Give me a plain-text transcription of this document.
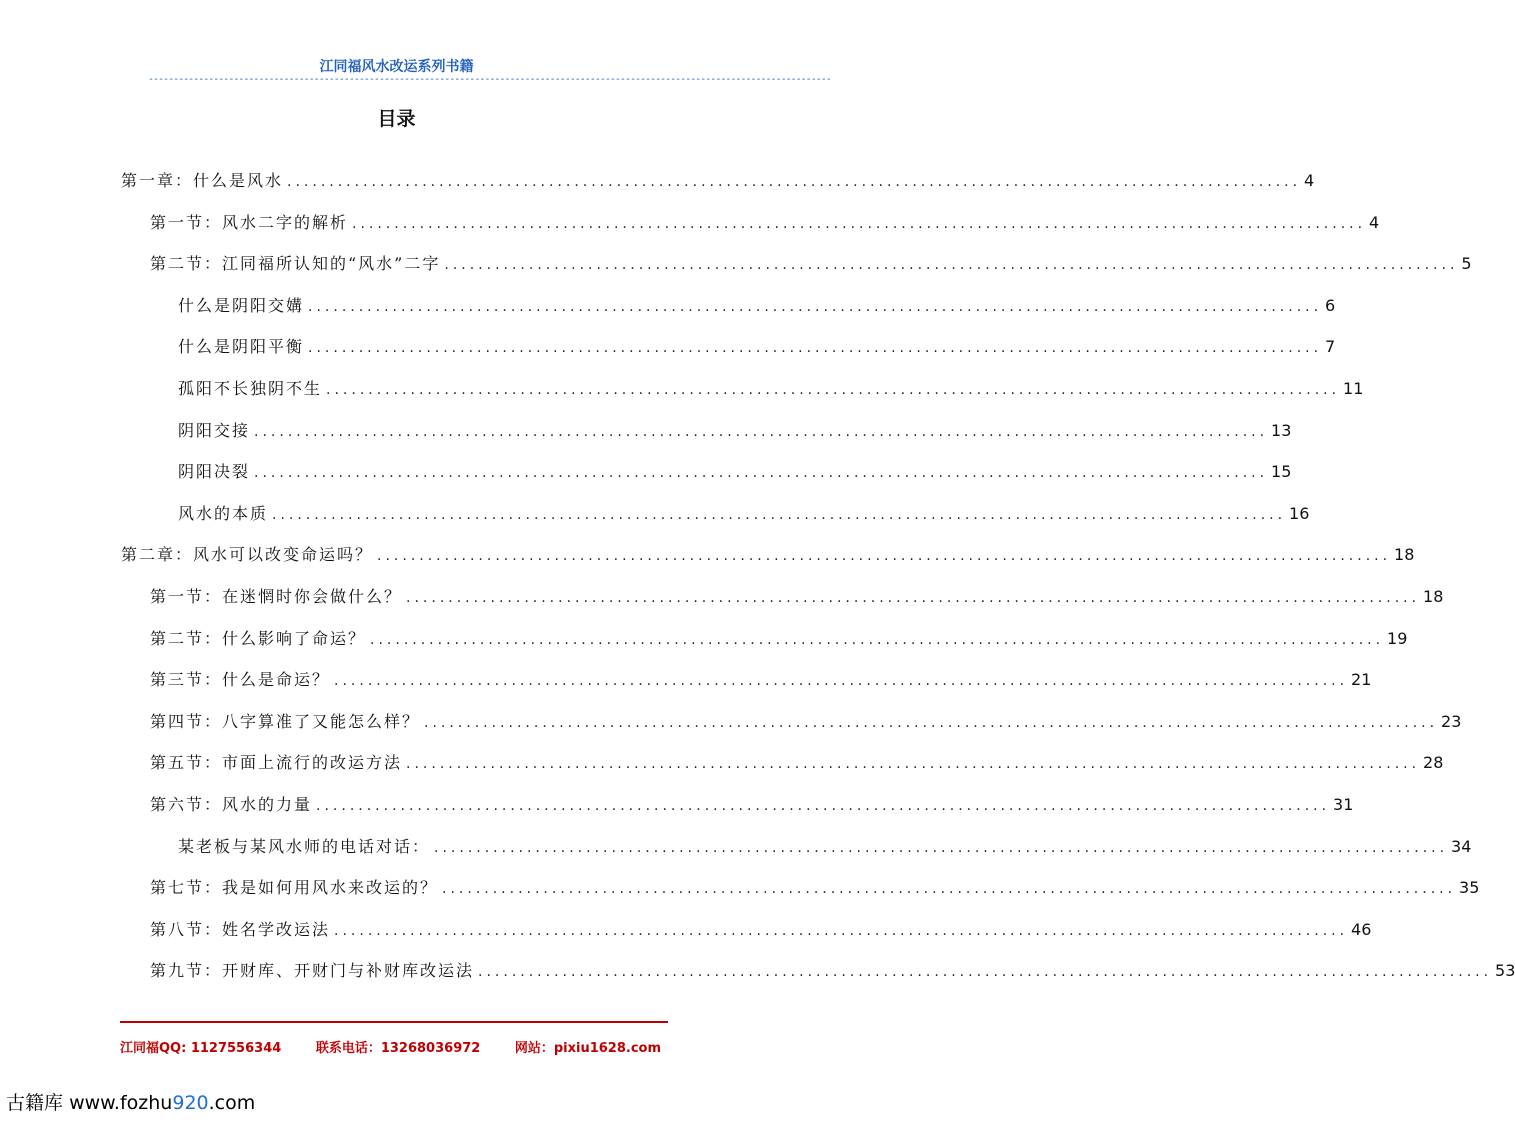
江同福风水改运系列书籍
----------------------------------------------------------------------------------------------------------------------------------------
目录
第一章：什么是风水 ........................................................................................................................ 4
第一节：风水二字的解析 ........................................................................................................................ 4
第二节：江同福所认知的“风水”二字 ........................................................................................................................ 5
什么是阴阳交媾 ........................................................................................................................ 6
什么是阴阳平衡 ........................................................................................................................ 7
孤阳不长独阴不生 ........................................................................................................................ 11
阴阳交接 ........................................................................................................................ 13
阴阳决裂 ........................................................................................................................ 15
风水的本质 ........................................................................................................................ 16
第二章：风水可以改变命运吗？ ........................................................................................................................ 18
第一节：在迷惘时你会做什么？ ........................................................................................................................ 18
第二节：什么影响了命运？ ........................................................................................................................ 19
第三节：什么是命运？ ........................................................................................................................ 21
第四节：八字算准了又能怎么样？ ........................................................................................................................ 23
第五节：市面上流行的改运方法 ........................................................................................................................ 28
第六节：风水的力量 ........................................................................................................................ 31
某老板与某风水师的电话对话： ........................................................................................................................ 34
第七节：我是如何用风水来改运的？ ........................................................................................................................ 35
第八节：姓名学改运法 ........................................................................................................................ 46
第九节：开财库、开财门与补财库改运法 ........................................................................................................................ 53
江同福QQ: 1127556344	联系电话：13268036972	网站：pixiu1628.com
古籍库 www.fozhu920.com
